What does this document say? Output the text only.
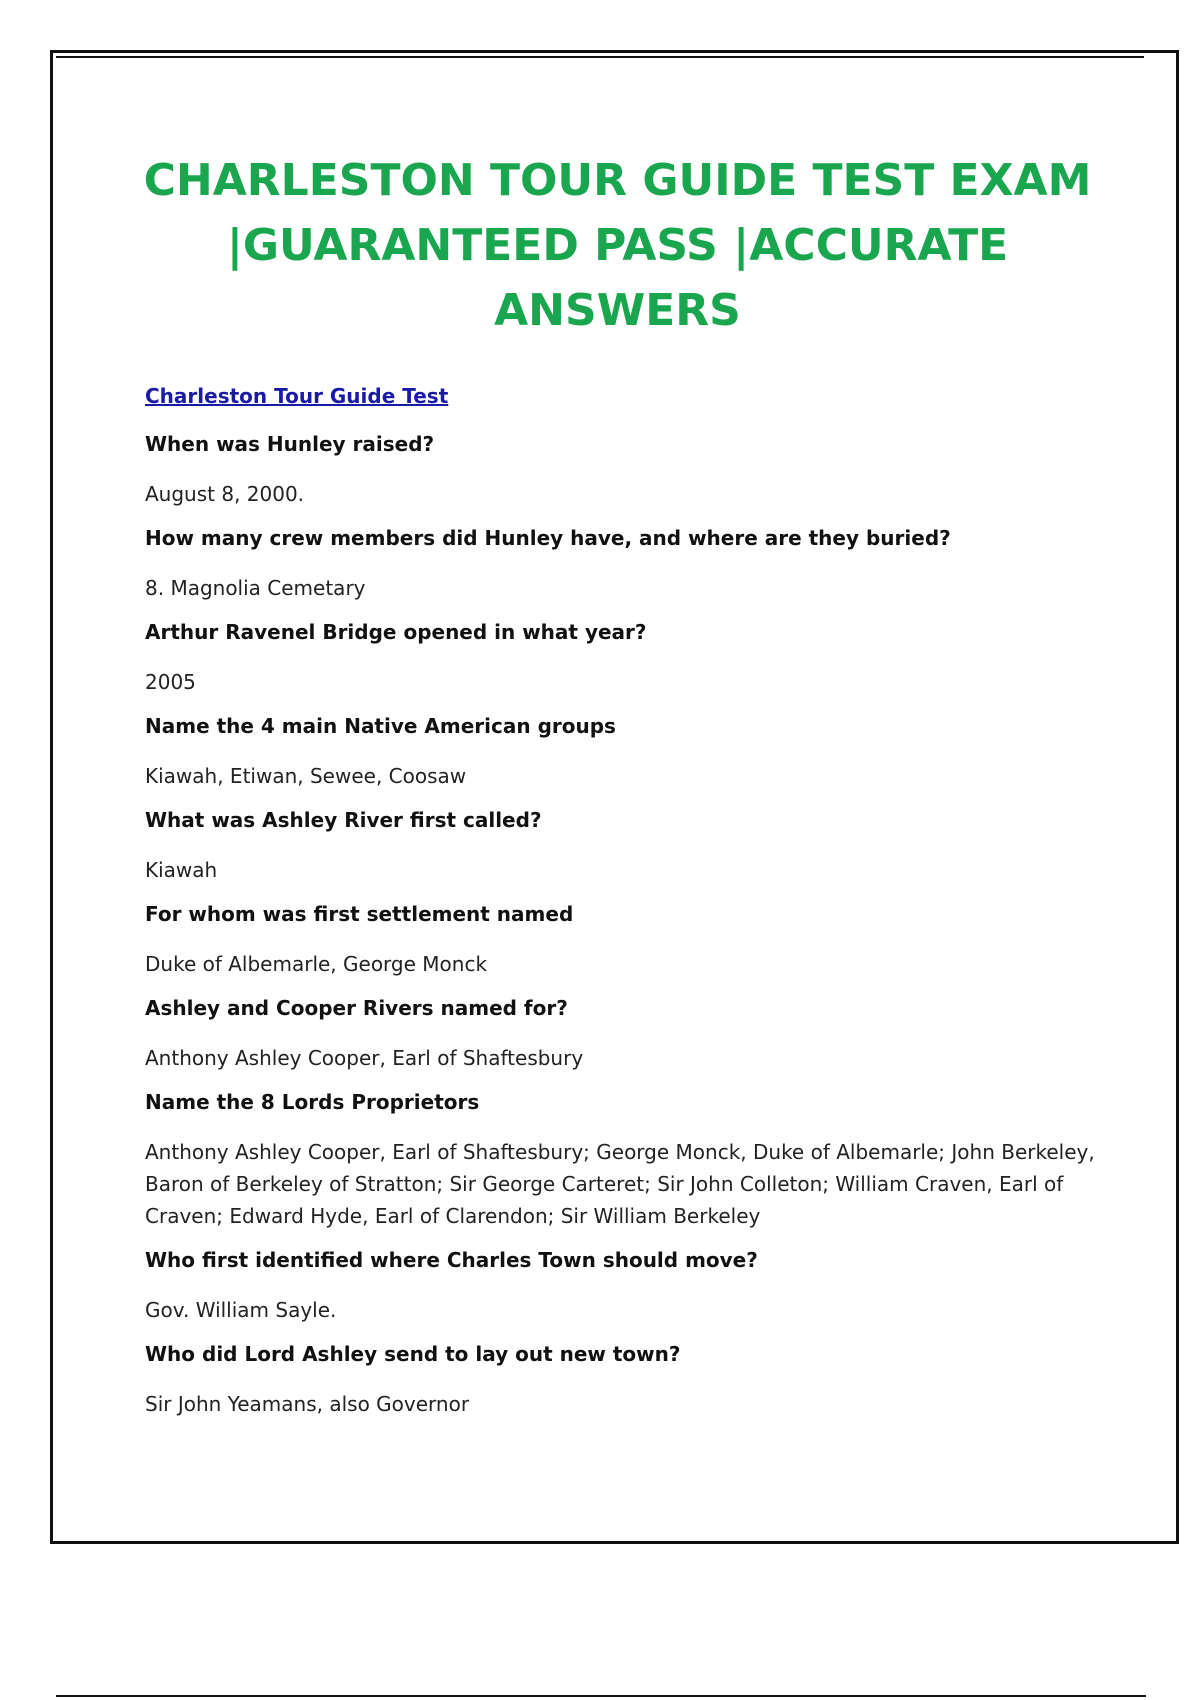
CHARLESTON TOUR GUIDE TEST EXAM |GUARANTEED PASS |ACCURATE ANSWERS
Charleston Tour Guide Test

When was Hunley raised?

August 8, 2000.

How many crew members did Hunley have, and where are they buried?

8. Magnolia Cemetary

Arthur Ravenel Bridge opened in what year?

2005

Name the 4 main Native American groups

Kiawah, Etiwan, Sewee, Coosaw

What was Ashley River first called?

Kiawah

For whom was first settlement named

Duke of Albemarle, George Monck

Ashley and Cooper Rivers named for?

Anthony Ashley Cooper, Earl of Shaftesbury

Name the 8 Lords Proprietors

Anthony Ashley Cooper, Earl of Shaftesbury; George Monck, Duke of Albemarle; John Berkeley, Baron of Berkeley of Stratton; Sir George Carteret; Sir John Colleton; William Craven, Earl of Craven; Edward Hyde, Earl of Clarendon; Sir William Berkeley

Who first identified where Charles Town should move?

Gov. William Sayle.

Who did Lord Ashley send to lay out new town?

Sir John Yeamans, also Governor
